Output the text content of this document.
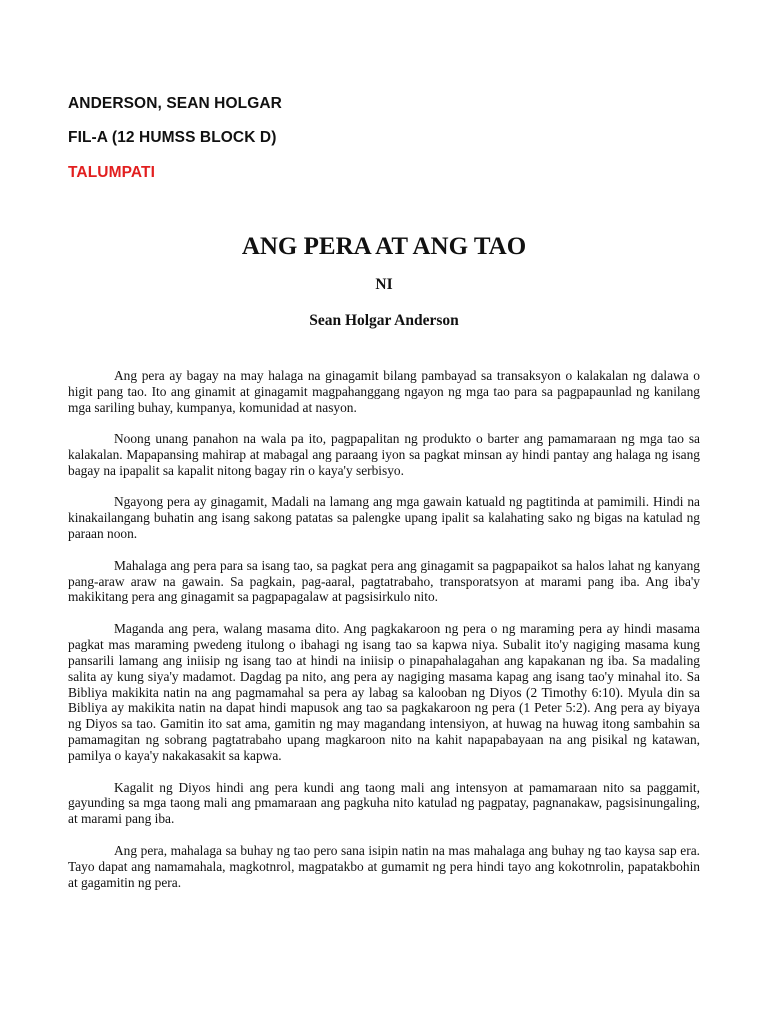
ANDERSON, SEAN HOLGAR
FIL-A (12 HUMSS BLOCK D)
TALUMPATI
ANG PERA AT ANG TAO
NI
Sean Holgar Anderson

Ang pera ay bagay na may halaga na ginagamit bilang pambayad sa transaksyon o kalakalan ng dalawa o higit pang tao. Ito ang ginamit at ginagamit magpahanggang ngayon ng mga tao para sa pagpapaunlad ng kanilang mga sariling buhay, kumpanya, komunidad at nasyon.

Noong unang panahon na wala pa ito, pagpapalitan ng produkto o barter ang pamamaraan ng mga tao sa kalakalan. Mapapansing mahirap at mabagal ang paraang iyon sa pagkat minsan ay hindi pantay ang halaga ng isang bagay na ipapalit sa kapalit nitong bagay rin o kaya'y serbisyo.

Ngayong pera ay ginagamit, Madali na lamang ang mga gawain katuald ng pagtitinda at pamimili. Hindi na kinakailangang buhatin ang isang sakong patatas sa palengke upang ipalit sa kalahating sako ng bigas na katulad ng paraan noon.

Mahalaga ang pera para sa isang tao, sa pagkat pera ang ginagamit sa pagpapaikot sa halos lahat ng kanyang pang-araw araw na gawain. Sa pagkain, pag-aaral, pagtatrabaho, transporatsyon at marami pang iba. Ang iba'y makikitang pera ang ginagamit sa pagpapagalaw at pagsisirkulo nito.

Maganda ang pera, walang masama dito. Ang pagkakaroon ng pera o ng maraming pera ay hindi masama pagkat mas maraming pwedeng itulong o ibahagi ng isang tao sa kapwa niya. Subalit ito'y nagiging masama kung pansarili lamang ang iniisip ng isang tao at hindi na iniisip o pinapahalagahan ang kapakanan ng iba. Sa madaling salita ay kung siya'y madamot. Dagdag pa nito, ang pera ay nagiging masama kapag ang isang tao'y minahal ito. Sa Bibliya makikita natin na ang pagmamahal sa pera ay labag sa kalooban ng Diyos (2 Timothy 6:10). Myula din sa Bibliya ay makikita natin na dapat hindi mapusok ang tao sa pagkakaroon ng pera (1 Peter 5:2). Ang pera ay biyaya ng Diyos sa tao. Gamitin ito sat ama, gamitin ng may magandang intensiyon, at huwag na huwag itong sambahin sa pamamagitan ng sobrang pagtatrabaho upang magkaroon nito na kahit napapabayaan na ang pisikal ng katawan, pamilya o kaya'y nakakasakit sa kapwa.

Kagalit ng Diyos hindi ang pera kundi ang taong mali ang intensyon at pamamaraan nito sa paggamit, gayunding sa mga taong mali ang pmamaraan ang pagkuha nito katulad ng pagpatay, pagnanakaw, pagsisinungaling, at marami pang iba.

Ang pera, mahalaga sa buhay ng tao pero sana isipin natin na mas mahalaga ang buhay ng tao kaysa sap era. Tayo dapat ang namamahala, magkotnrol, magpatakbo at gumamit ng pera hindi tayo ang kokotnrolin, papatakbohin at gagamitin ng pera.
